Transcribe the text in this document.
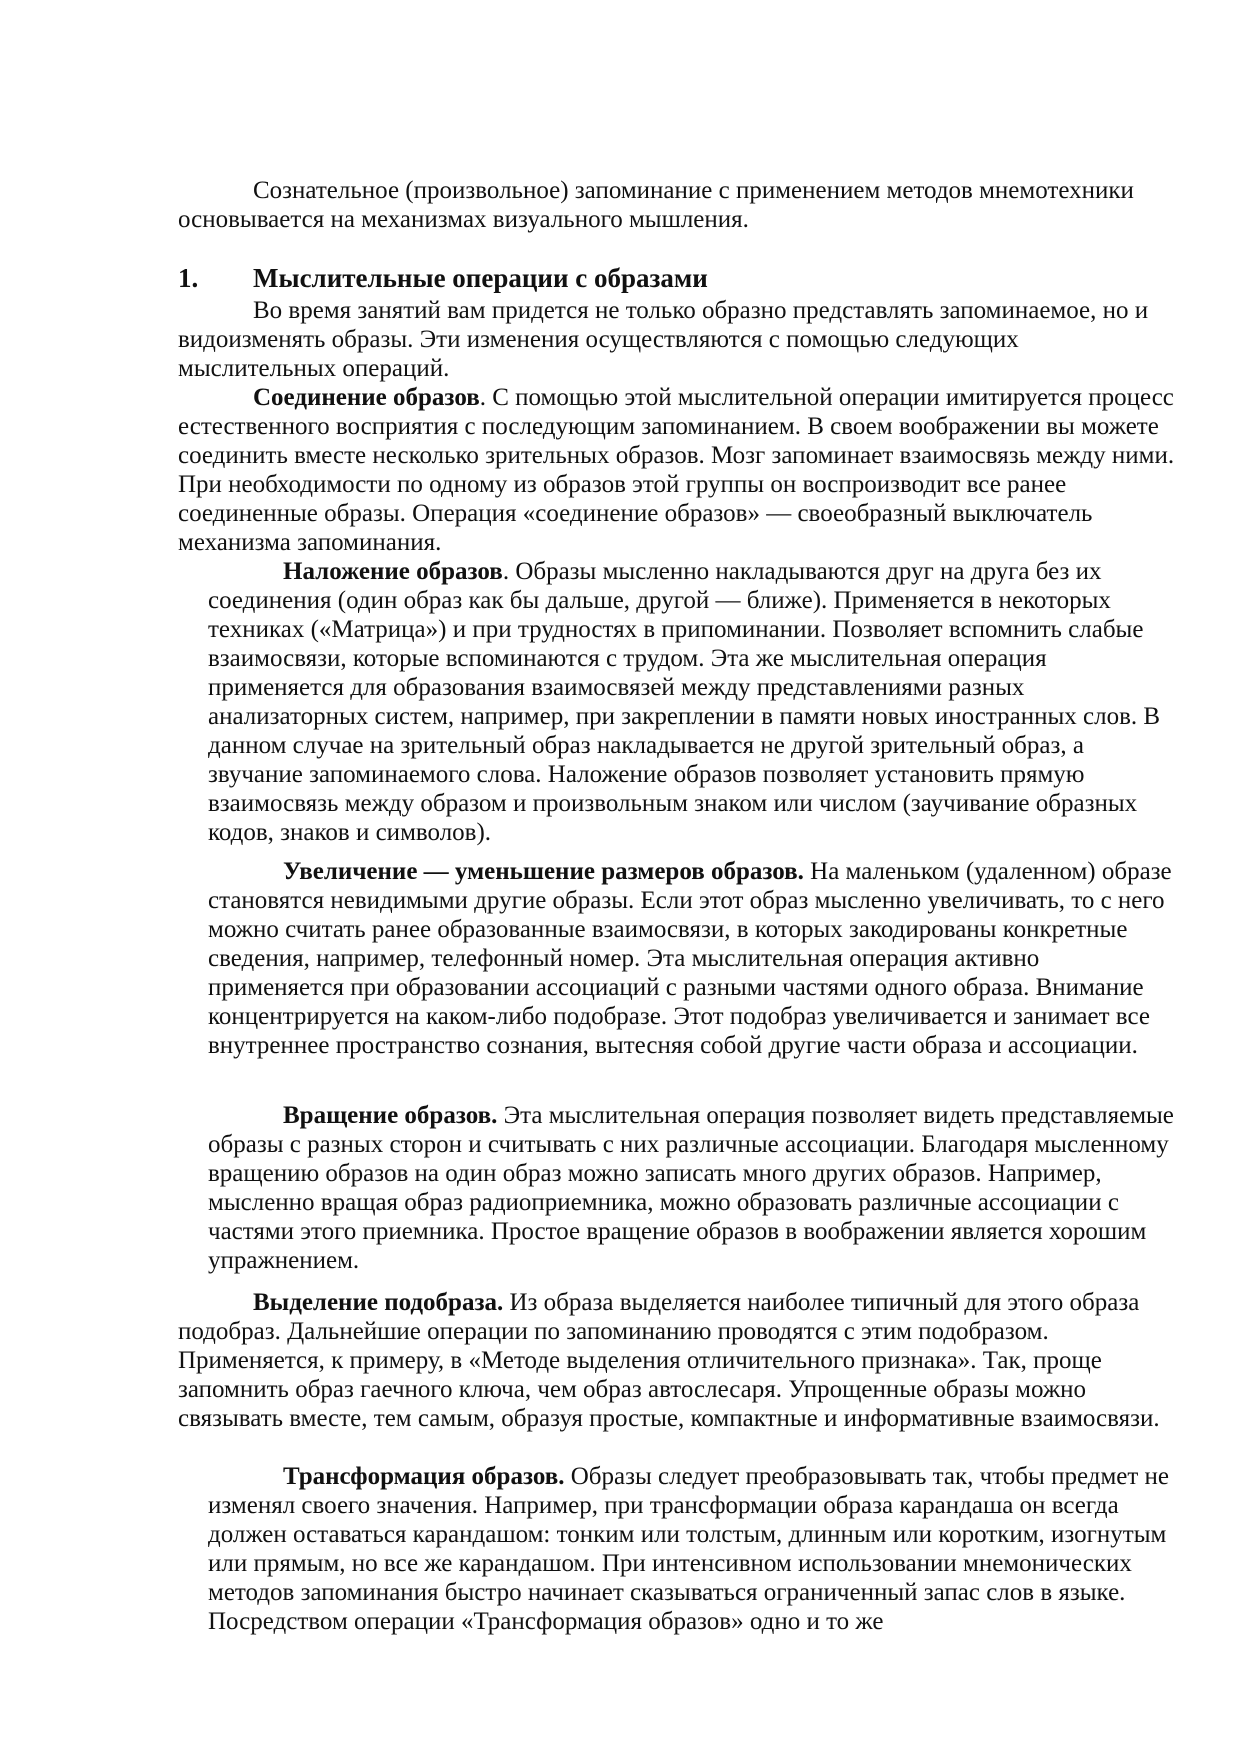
Сознательное (произвольное) запоминание с применением методов мнемотехники основывается на механизмах визуального мышления.

1. Мыслительные операции с образами

Во время занятий вам придется не только образно представлять запоминаемое, но и видоизменять образы. Эти изменения осуществляются с помощью следующих мыслительных операций.

Соединение образов. С помощью этой мыслительной операции имитируется процесс естественного восприятия с последующим запоминанием. В своем воображении вы можете соединить вместе несколько зрительных образов. Мозг запоминает взаимосвязь между ними. При необходимости по одному из образов этой группы он воспроизводит все ранее соединенные образы. Операция «соединение образов» — своеобразный выключатель механизма запоминания.

Наложение образов. Образы мысленно накладываются друг на друга без их соединения (один образ как бы дальше, другой — ближе). Применяется в некоторых техниках («Матрица») и при трудностях в припоминании. Позволяет вспомнить слабые взаимосвязи, которые вспоминаются с трудом. Эта же мыслительная операция применяется для образования взаимосвязей между представлениями разных анализаторных систем, например, при закреплении в памяти новых иностранных слов. В данном случае на зрительный образ накладывается не другой зрительный образ, а звучание запоминаемого слова. Наложение образов позволяет установить прямую взаимосвязь между образом и произвольным знаком или числом (заучивание образных кодов, знаков и символов).

Увеличение — уменьшение размеров образов. На маленьком (удаленном) образе становятся невидимыми другие образы. Если этот образ мысленно увеличивать, то с него можно считать ранее образованные взаимосвязи, в которых закодированы конкретные сведения, например, телефонный номер. Эта мыслительная операция активно применяется при образовании ассоциаций с разными частями одного образа. Внимание концентрируется на каком-либо подобразе. Этот подобраз увеличивается и занимает все внутреннее пространство сознания, вытесняя собой другие части образа и ассоциации.

Вращение образов. Эта мыслительная операция позволяет видеть представляемые образы с разных сторон и считывать с них различные ассоциации. Благодаря мысленному вращению образов на один образ можно записать много других образов. Например, мысленно вращая образ радиоприемника, можно образовать различные ассоциации с частями этого приемника. Простое вращение образов в воображении является хорошим упражнением.

Выделение подобраза. Из образа выделяется наиболее типичный для этого образа подобраз. Дальнейшие операции по запоминанию проводятся с этим подобразом. Применяется, к примеру, в «Методе выделения отличительного признака». Так, проще запомнить образ гаечного ключа, чем образ автослесаря. Упрощенные образы можно связывать вместе, тем самым, образуя простые, компактные и информативные взаимосвязи.

Трансформация образов. Образы следует преобразовывать так, чтобы предмет не изменял своего значения. Например, при трансформации образа карандаша он всегда должен оставаться карандашом: тонким или толстым, длинным или коротким, изогнутым или прямым, но все же карандашом. При интенсивном использовании мнемонических методов запоминания быстро начинает сказываться ограниченный запас слов в языке. Посредством операции «Трансформация образов» одно и то же
